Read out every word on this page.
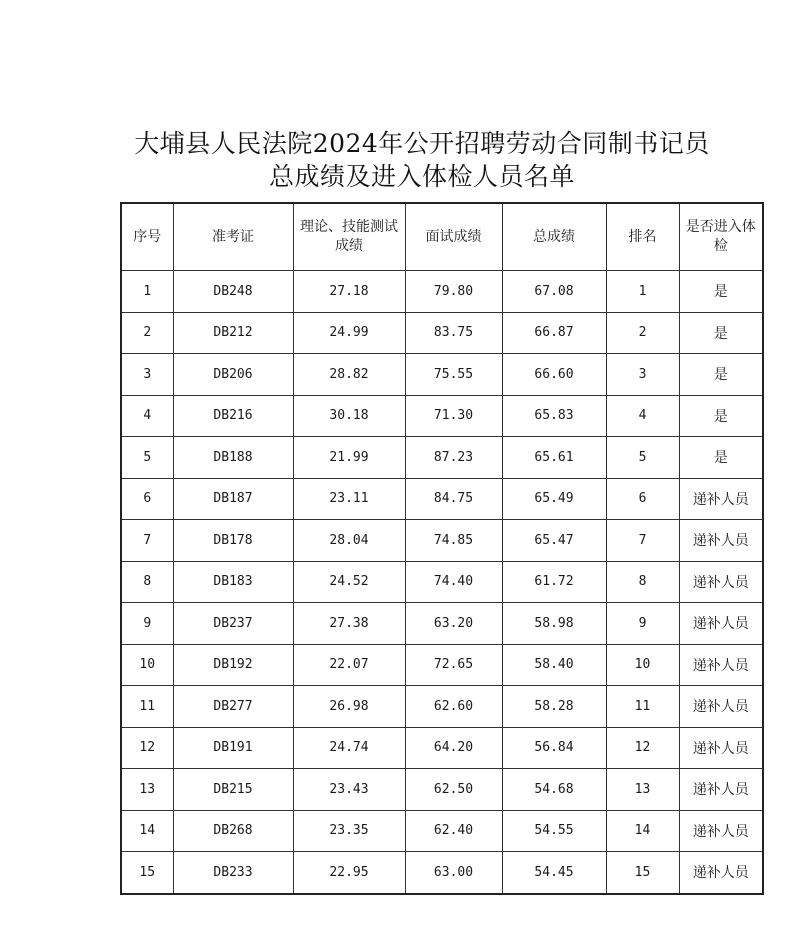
大埔县人民法院2024年公开招聘劳动合同制书记员
总成绩及进入体检人员名单
序号	准考证	理论、技能测试成绩	面试成绩	总成绩	排名	是否进入体检
1	DB248	27.18	79.80	67.08	1	是
2	DB212	24.99	83.75	66.87	2	是
3	DB206	28.82	75.55	66.60	3	是
4	DB216	30.18	71.30	65.83	4	是
5	DB188	21.99	87.23	65.61	5	是
6	DB187	23.11	84.75	65.49	6	递补人员
7	DB178	28.04	74.85	65.47	7	递补人员
8	DB183	24.52	74.40	61.72	8	递补人员
9	DB237	27.38	63.20	58.98	9	递补人员
10	DB192	22.07	72.65	58.40	10	递补人员
11	DB277	26.98	62.60	58.28	11	递补人员
12	DB191	24.74	64.20	56.84	12	递补人员
13	DB215	23.43	62.50	54.68	13	递补人员
14	DB268	23.35	62.40	54.55	14	递补人员
15	DB233	22.95	63.00	54.45	15	递补人员
